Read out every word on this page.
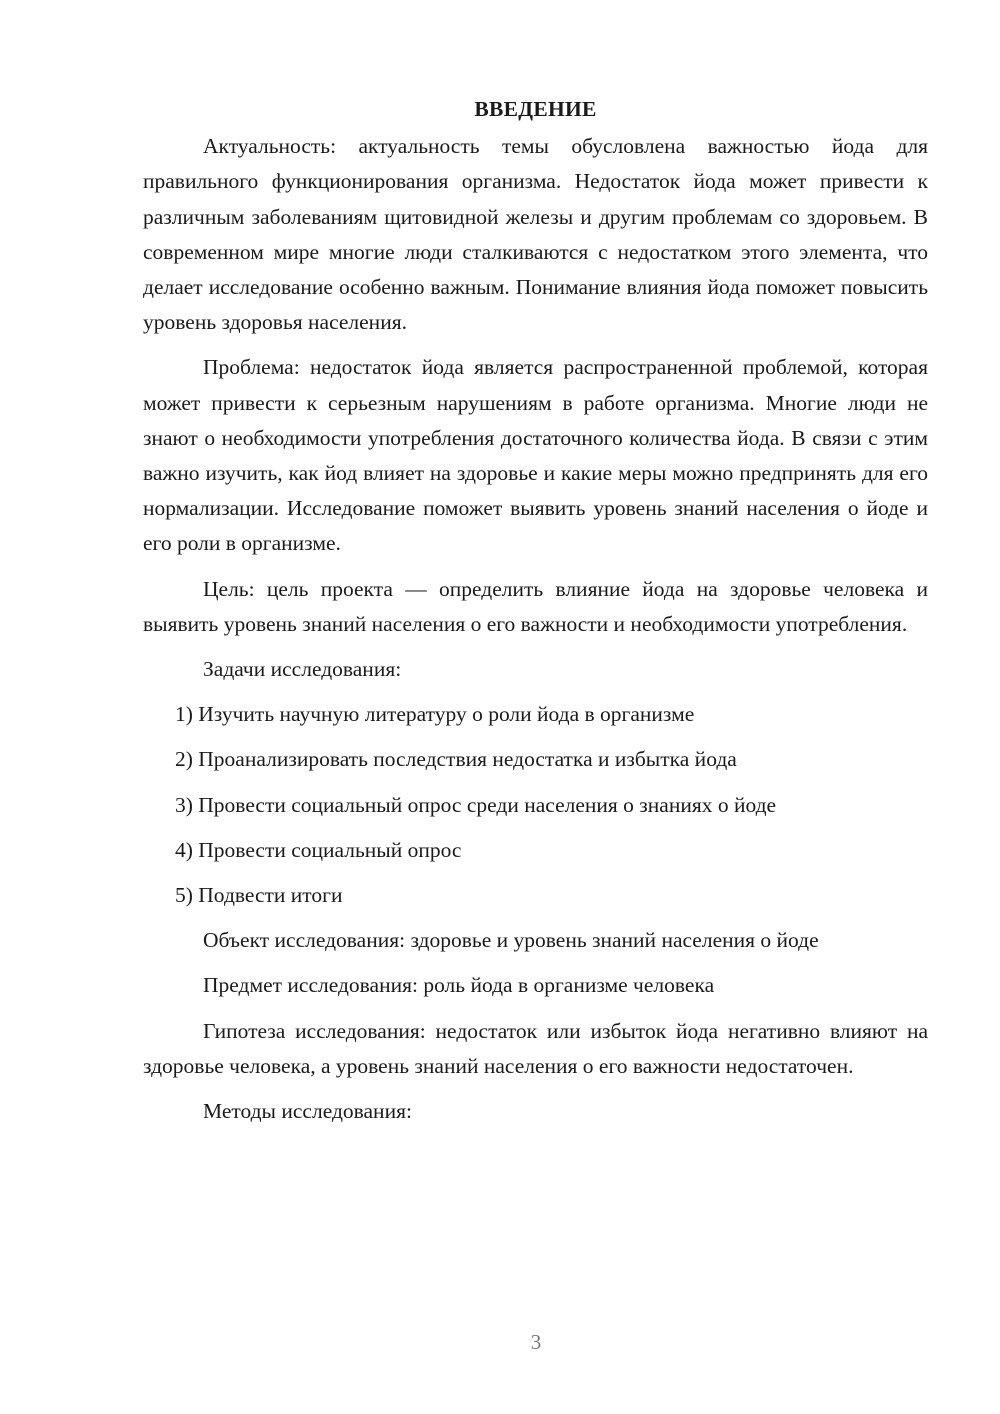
ВВЕДЕНИЕ

Актуальность: актуальность темы обусловлена важностью йода для правильного функционирования организма. Недостаток йода может привести к различным заболеваниям щитовидной железы и другим проблемам со здоровьем. В современном мире многие люди сталкиваются с недостатком этого элемента, что делает исследование особенно важным. Понимание влияния йода поможет повысить уровень здоровья населения.

Проблема: недостаток йода является распространенной проблемой, которая может привести к серьезным нарушениям в работе организма. Многие люди не знают о необходимости употребления достаточного количества йода. В связи с этим важно изучить, как йод влияет на здоровье и какие меры можно предпринять для его нормализации. Исследование поможет выявить уровень знаний населения о йоде и его роли в организме.

Цель: цель проекта — определить влияние йода на здоровье человека и выявить уровень знаний населения о его важности и необходимости употребления.

Задачи исследования:
1) Изучить научную литературу о роли йода в организме
2) Проанализировать последствия недостатка и избытка йода
3) Провести социальный опрос среди населения о знаниях о йоде
4) Провести социальный опрос
5) Подвести итоги
Объект исследования: здоровье и уровень знаний населения о йоде
Предмет исследования: роль йода в организме человека

Гипотеза исследования: недостаток или избыток йода негативно влияют на здоровье человека, а уровень знаний населения о его важности недостаточен.

Методы исследования:
3
